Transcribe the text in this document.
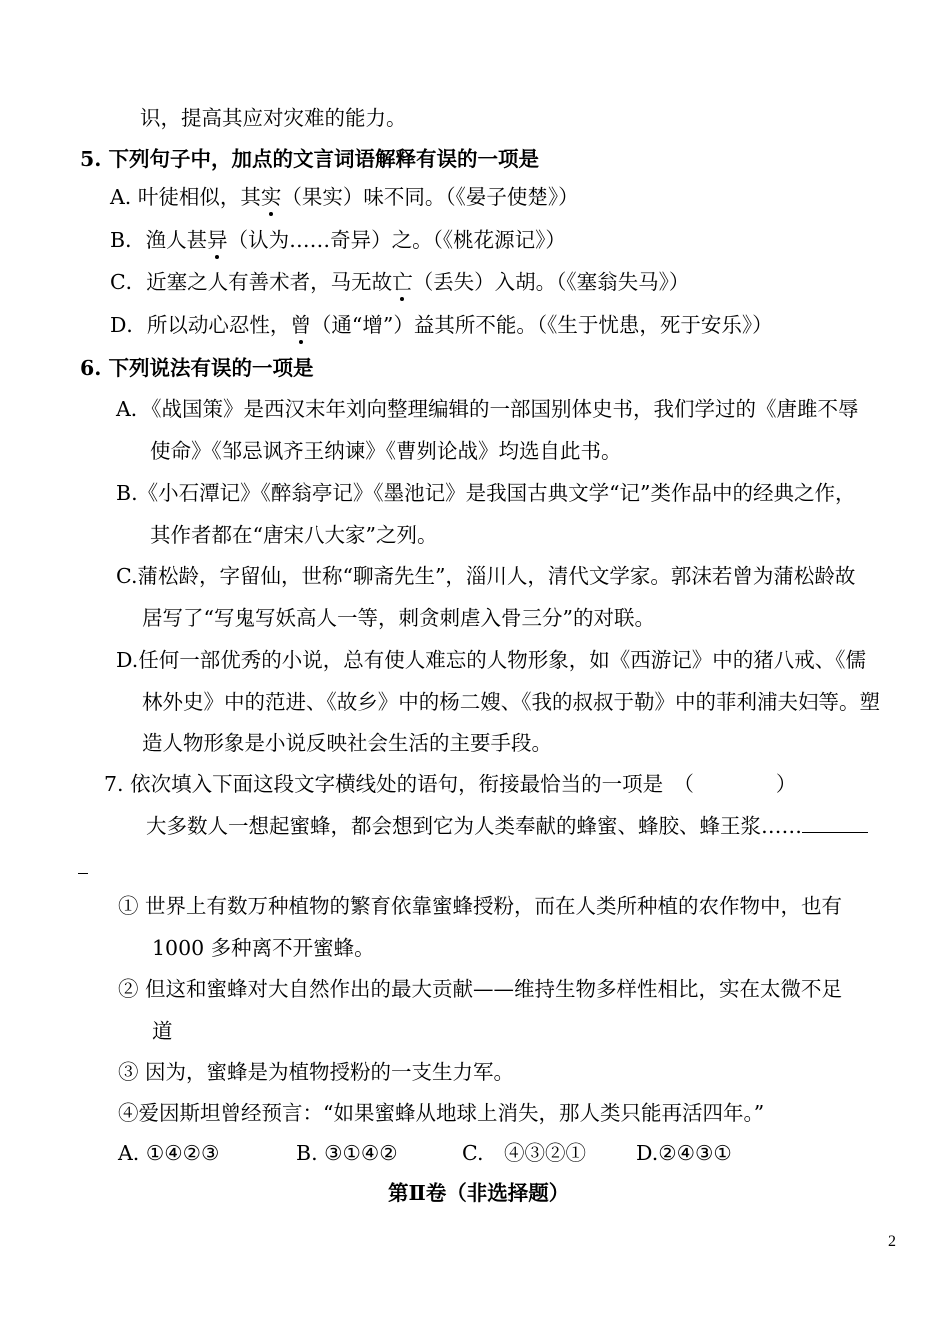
识，提高其应对灾难的能力。
5. 下列句子中，加点的文言词语解释有误的一项是
A. 叶徒相似，其实（果实）味不同。（《晏子使楚》）
B．渔人甚异（认为……奇异）之。（《桃花源记》）
C．近塞之人有善术者，马无故亡（丢失）入胡。（《塞翁失马》）
D．所以动心忍性，曾（通“增”）益其所不能。（《生于忧患，死于安乐》）
6. 下列说法有误的一项是
A．《战国策》是西汉末年刘向整理编辑的一部国别体史书，我们学过的《唐雎不辱
使命》《邹忌讽齐王纳谏》《曹刿论战》均选自此书。
B.《小石潭记》《醉翁亭记》《墨池记》是我国古典文学“记”类作品中的经典之作，
其作者都在“唐宋八大家”之列。
C.蒲松龄，字留仙，世称“聊斋先生”，淄川人，清代文学家。郭沫若曾为蒲松龄故
居写了“写鬼写妖高人一等，刺贪刺虐入骨三分”的对联。
D.任何一部优秀的小说，总有使人难忘的人物形象，如《西游记》中的猪八戒、《儒
林外史》中的范进、《故乡》中的杨二嫂、《我的叔叔于勒》中的菲利浦夫妇等。塑
造人物形象是小说反映社会生活的主要手段。
7. 依次填入下面这段文字横线处的语句，衔接最恰当的一项是　（　　　　）
大多数人一想起蜜蜂，都会想到它为人类奉献的蜂蜜、蜂胶、蜂王浆……
① 世界上有数万种植物的繁育依靠蜜蜂授粉，而在人类所种植的农作物中，也有
1000 多种离不开蜜蜂。
② 但这和蜜蜂对大自然作出的最大贡献——维持生物多样性相比，实在太微不足
道
③ 因为，蜜蜂是为植物授粉的一支生力军。
④爱因斯坦曾经预言：“如果蜜蜂从地球上消失，那人类只能再活四年。”
A. ①④②③	B. ③①④②	C.　④③②① D.②④③①
第Ⅱ卷（非选择题）
2
